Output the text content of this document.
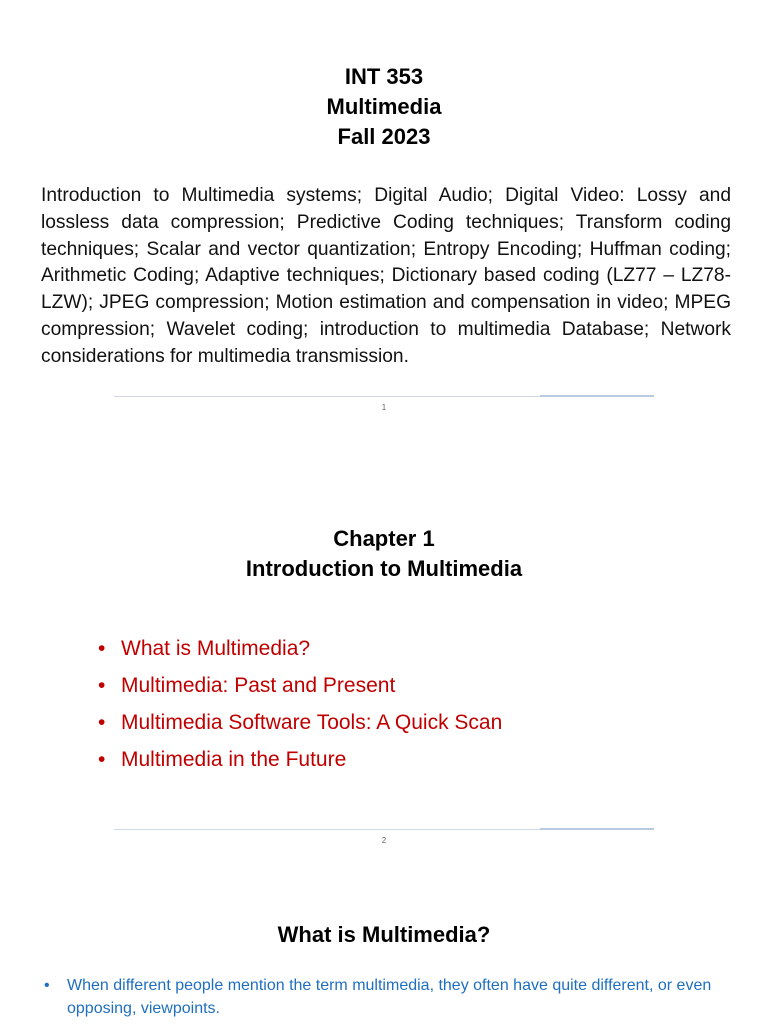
INT 353
Multimedia
Fall 2023
Introduction to Multimedia systems; Digital Audio; Digital Video: Lossy and lossless data compression; Predictive Coding techniques; Transform coding techniques; Scalar and vector quantization; Entropy Encoding; Huffman coding; Arithmetic Coding; Adaptive techniques; Dictionary based coding (LZ77 – LZ78-LZW); JPEG compression; Motion estimation and compensation in video; MPEG compression; Wavelet coding; introduction to multimedia Database; Network considerations for multimedia transmission.
1
Chapter 1
Introduction to Multimedia
• What is Multimedia?
• Multimedia: Past and Present
• Multimedia Software Tools: A Quick Scan
• Multimedia in the Future
2
What is Multimedia?
•	When different people mention the term multimedia, they often have quite different, or even opposing, viewpoints.
